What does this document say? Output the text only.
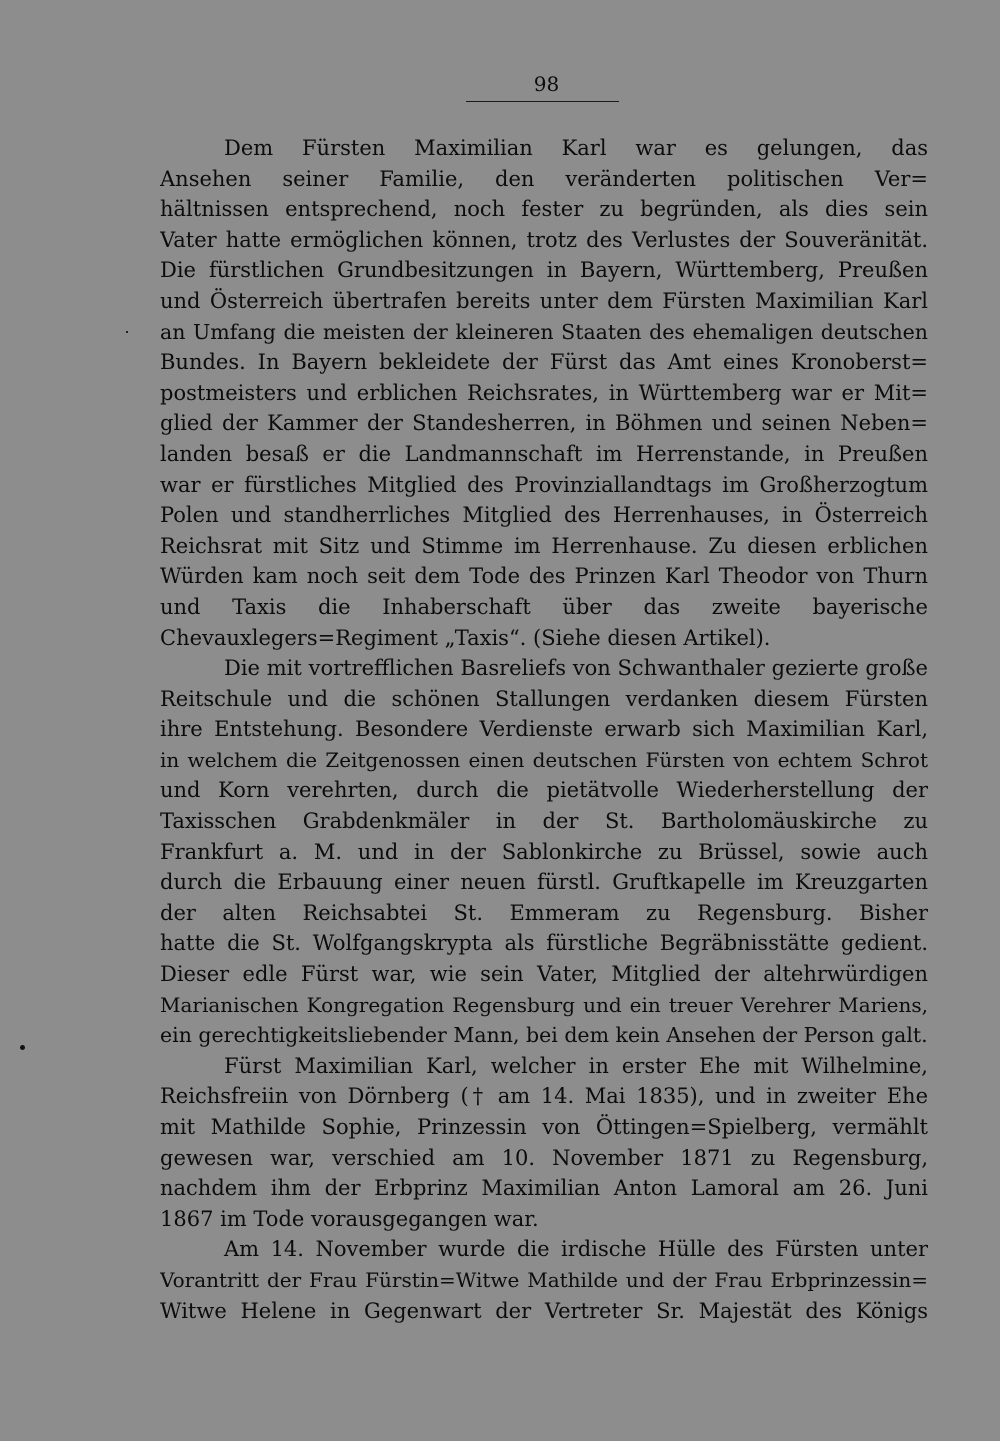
98
Dem Fürsten Maximilian Karl war es gelungen, das
Ansehen seiner Familie, den veränderten politischen Ver=
hältnissen entsprechend, noch fester zu begründen, als dies sein
Vater hatte ermöglichen können, trotz des Verlustes der Souveränität.
Die fürstlichen Grundbesitzungen in Bayern, Württemberg, Preußen
und Österreich übertrafen bereits unter dem Fürsten Maximilian Karl
an Umfang die meisten der kleineren Staaten des ehemaligen deutschen
Bundes. In Bayern bekleidete der Fürst das Amt eines Kronoberst=
postmeisters und erblichen Reichsrates, in Württemberg war er Mit=
glied der Kammer der Standesherren, in Böhmen und seinen Neben=
landen besaß er die Landmannschaft im Herrenstande, in Preußen
war er fürstliches Mitglied des Provinziallandtags im Großherzogtum
Polen und standherrliches Mitglied des Herrenhauses, in Österreich
Reichsrat mit Sitz und Stimme im Herrenhause. Zu diesen erblichen
Würden kam noch seit dem Tode des Prinzen Karl Theodor von Thurn
und Taxis die Inhaberschaft über das zweite bayerische
Chevauxlegers=Regiment „Taxis“. (Siehe diesen Artikel).
Die mit vortrefflichen Basreliefs von Schwanthaler gezierte große
Reitschule und die schönen Stallungen verdanken diesem Fürsten
ihre Entstehung. Besondere Verdienste erwarb sich Maximilian Karl,
in welchem die Zeitgenossen einen deutschen Fürsten von echtem Schrot
und Korn verehrten, durch die pietätvolle Wiederherstellung der
Taxisschen Grabdenkmäler in der St. Bartholomäuskirche zu
Frankfurt a. M. und in der Sablonkirche zu Brüssel, sowie auch
durch die Erbauung einer neuen fürstl. Gruftkapelle im Kreuzgarten
der alten Reichsabtei St. Emmeram zu Regensburg. Bisher
hatte die St. Wolfgangskrypta als fürstliche Begräbnisstätte gedient.
Dieser edle Fürst war, wie sein Vater, Mitglied der altehrwürdigen
Marianischen Kongregation Regensburg und ein treuer Verehrer Mariens,
ein gerechtigkeitsliebender Mann, bei dem kein Ansehen der Person galt.
Fürst Maximilian Karl, welcher in erster Ehe mit Wilhelmine,
Reichsfreiin von Dörnberg († am 14. Mai 1835), und in zweiter Ehe
mit Mathilde Sophie, Prinzessin von Öttingen=Spielberg, vermählt
gewesen war, verschied am 10. November 1871 zu Regensburg,
nachdem ihm der Erbprinz Maximilian Anton Lamoral am 26. Juni
1867 im Tode vorausgegangen war.
Am 14. November wurde die irdische Hülle des Fürsten unter
Vorantritt der Frau Fürstin=Witwe Mathilde und der Frau Erbprinzessin=
Witwe Helene in Gegenwart der Vertreter Sr. Majestät des Königs
